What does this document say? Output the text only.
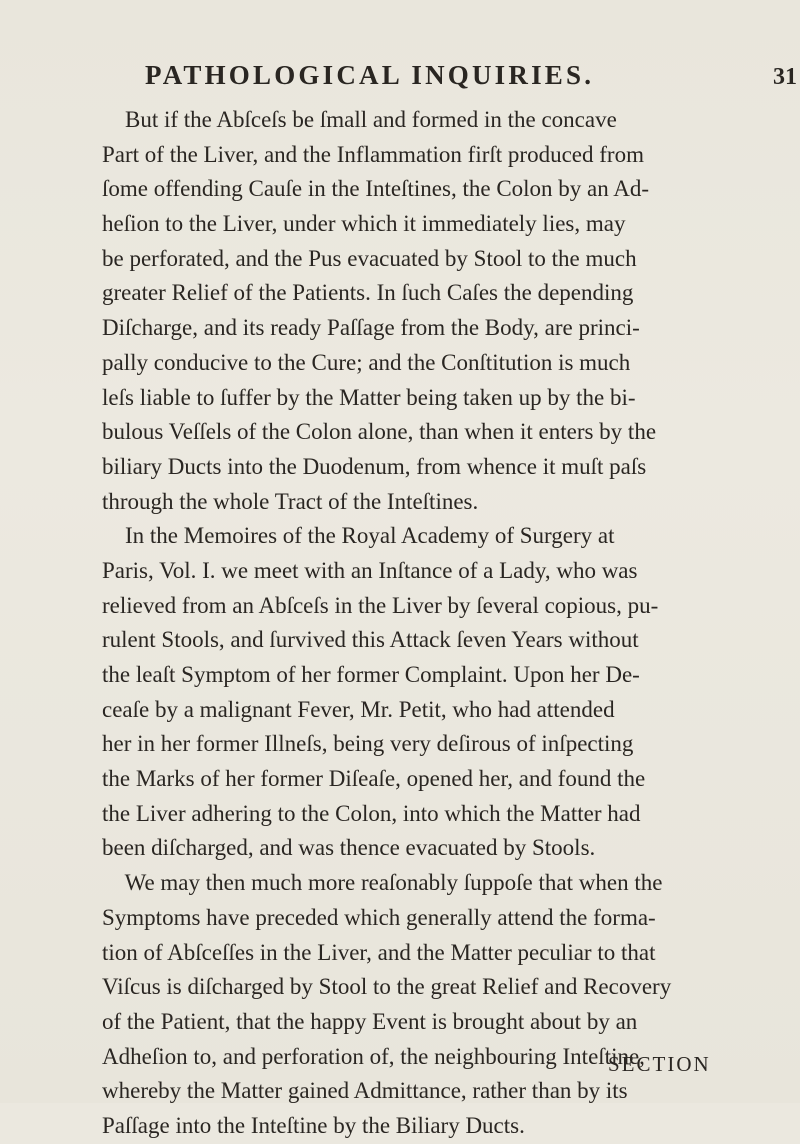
PATHOLOGICAL INQUIRIES.	31
But if the Abſceſs be ſmall and formed in the concave
Part of the Liver, and the Inflammation firſt produced from
ſome offending Cauſe in the Inteſtines, the Colon by an Ad-
heſion to the Liver, under which it immediately lies, may
be perforated, and the Pus evacuated by Stool to the much
greater Relief of the Patients. In ſuch Caſes the depending
Diſcharge, and its ready Paſſage from the Body, are princi-
pally conducive to the Cure; and the Conſtitution is much
leſs liable to ſuffer by the Matter being taken up by the bi-
bulous Veſſels of the Colon alone, than when it enters by the
biliary Ducts into the Duodenum, from whence it muſt paſs
through the whole Tract of the Inteſtines.
In the Memoires of the Royal Academy of Surgery at
Paris, Vol. I. we meet with an Inſtance of a Lady, who was
relieved from an Abſceſs in the Liver by ſeveral copious, pu-
rulent Stools, and ſurvived this Attack ſeven Years without
the leaſt Symptom of her former Complaint. Upon her De-
ceaſe by a malignant Fever, Mr. Petit, who had attended
her in her former Illneſs, being very deſirous of inſpecting
the Marks of her former Diſeaſe, opened her, and found the
the Liver adhering to the Colon, into which the Matter had
been diſcharged, and was thence evacuated by Stools.
We may then much more reaſonably ſuppoſe that when the
Symptoms have preceded which generally attend the forma-
tion of Abſceſſes in the Liver, and the Matter peculiar to that
Viſcus is diſcharged by Stool to the great Relief and Recovery
of the Patient, that the happy Event is brought about by an
Adheſion to, and perforation of, the neighbouring Inteſtine,
whereby the Matter gained Admittance, rather than by its
Paſſage into the Inteſtine by the Biliary Ducts.
SECTION
